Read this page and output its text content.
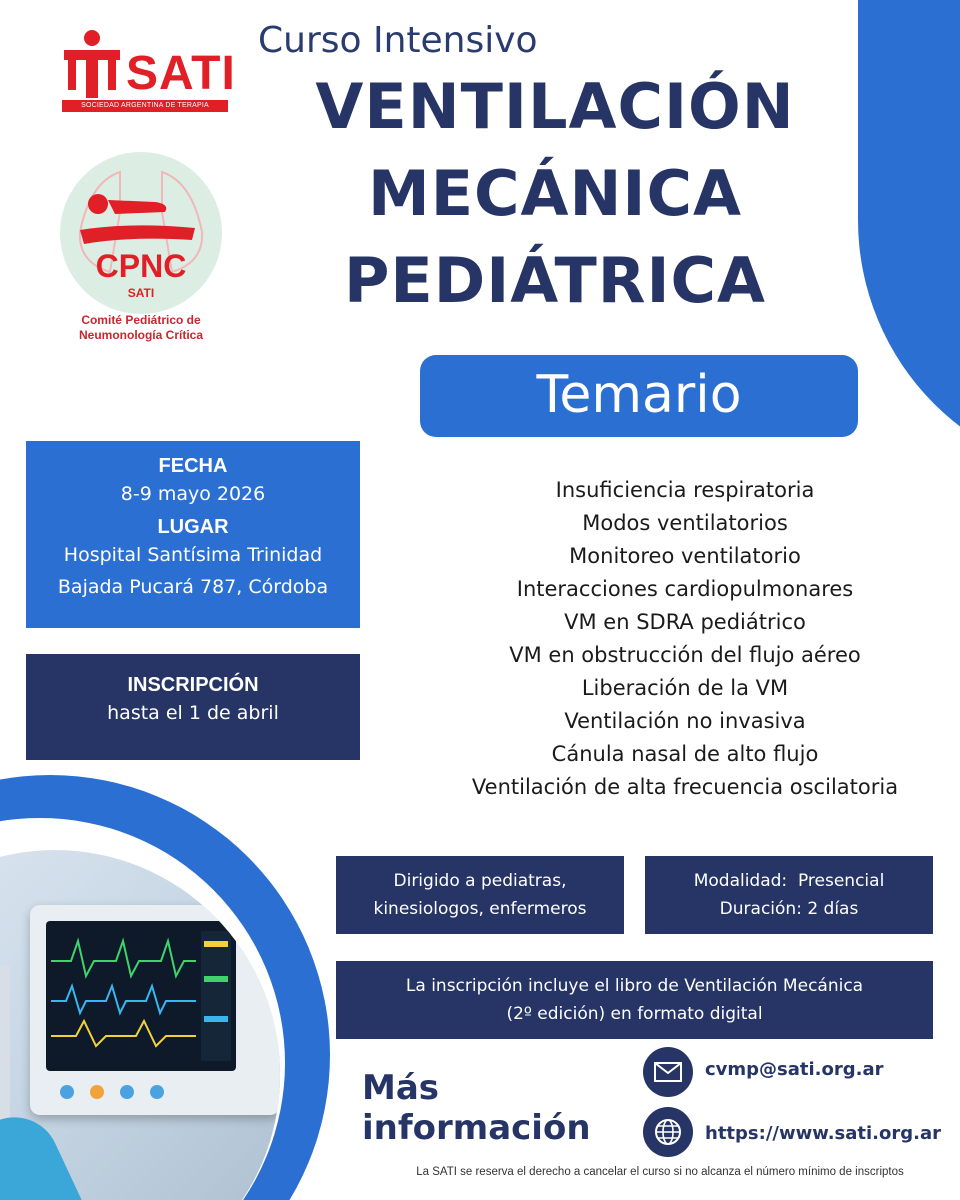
SATI
SOCIEDAD ARGENTINA DE TERAPIA INTENSIVA
CPNC
SATI
Comité Pediátrico de
Neumonología Crítica
Curso Intensivo
VENTILACIÓN
MECÁNICA
PEDIÁTRICA
Temario
FECHA
8-9 mayo 2026
LUGAR
Hospital Santísima Trinidad
Bajada Pucará 787, Córdoba
INSCRIPCIÓN
hasta el 1 de abril
Insuficiencia respiratoria
Modos ventilatorios
Monitoreo ventilatorio
Interacciones cardiopulmonares
VM en SDRA pediátrico
VM en obstrucción del flujo aéreo
Liberación de la VM
Ventilación no invasiva
Cánula nasal de alto flujo
Ventilación de alta frecuencia oscilatoria
Dirigido a pediatras,
kinesiologos, enfermeros
Modalidad:  Presencial
Duración: 2 días
La inscripción incluye el libro de Ventilación Mecánica
(2º edición) en formato digital
Más
información
cvmp@sati.org.ar
https://www.sati.org.ar
La SATI se reserva el derecho a cancelar el curso si no alcanza el número mínimo de inscriptos
